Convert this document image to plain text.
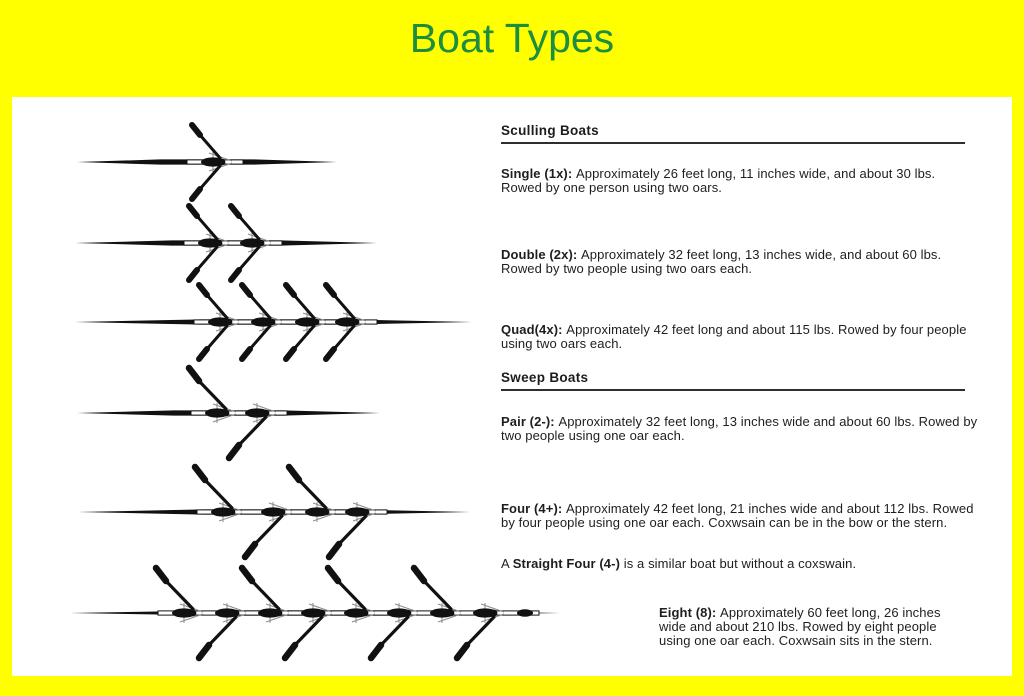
Boat Types
Sculling Boats

Single (1x): Approximately 26 feet long, 11 inches wide, and about 30 lbs. Rowed by one person using two oars.

Double (2x): Approximately 32 feet long, 13 inches wide, and about 60 lbs. Rowed by two people using two oars each.

Quad(4x): Approximately 42 feet long and about 115 lbs. Rowed by four people using two oars each.

Sweep Boats

Pair (2-): Approximately 32 feet long, 13 inches wide and about 60 lbs. Rowed by two people using one oar each.

Four (4+): Approximately 42 feet long, 21 inches wide and about 112 lbs. Rowed by four people using one oar each. Coxwsain can be in the bow or the stern.

A Straight Four (4-) is a similar boat but without a coxswain.

Eight (8): Approximately 60 feet long, 26 inches wide and about 210 lbs. Rowed by eight people using one oar each. Coxwsain sits in the stern.
